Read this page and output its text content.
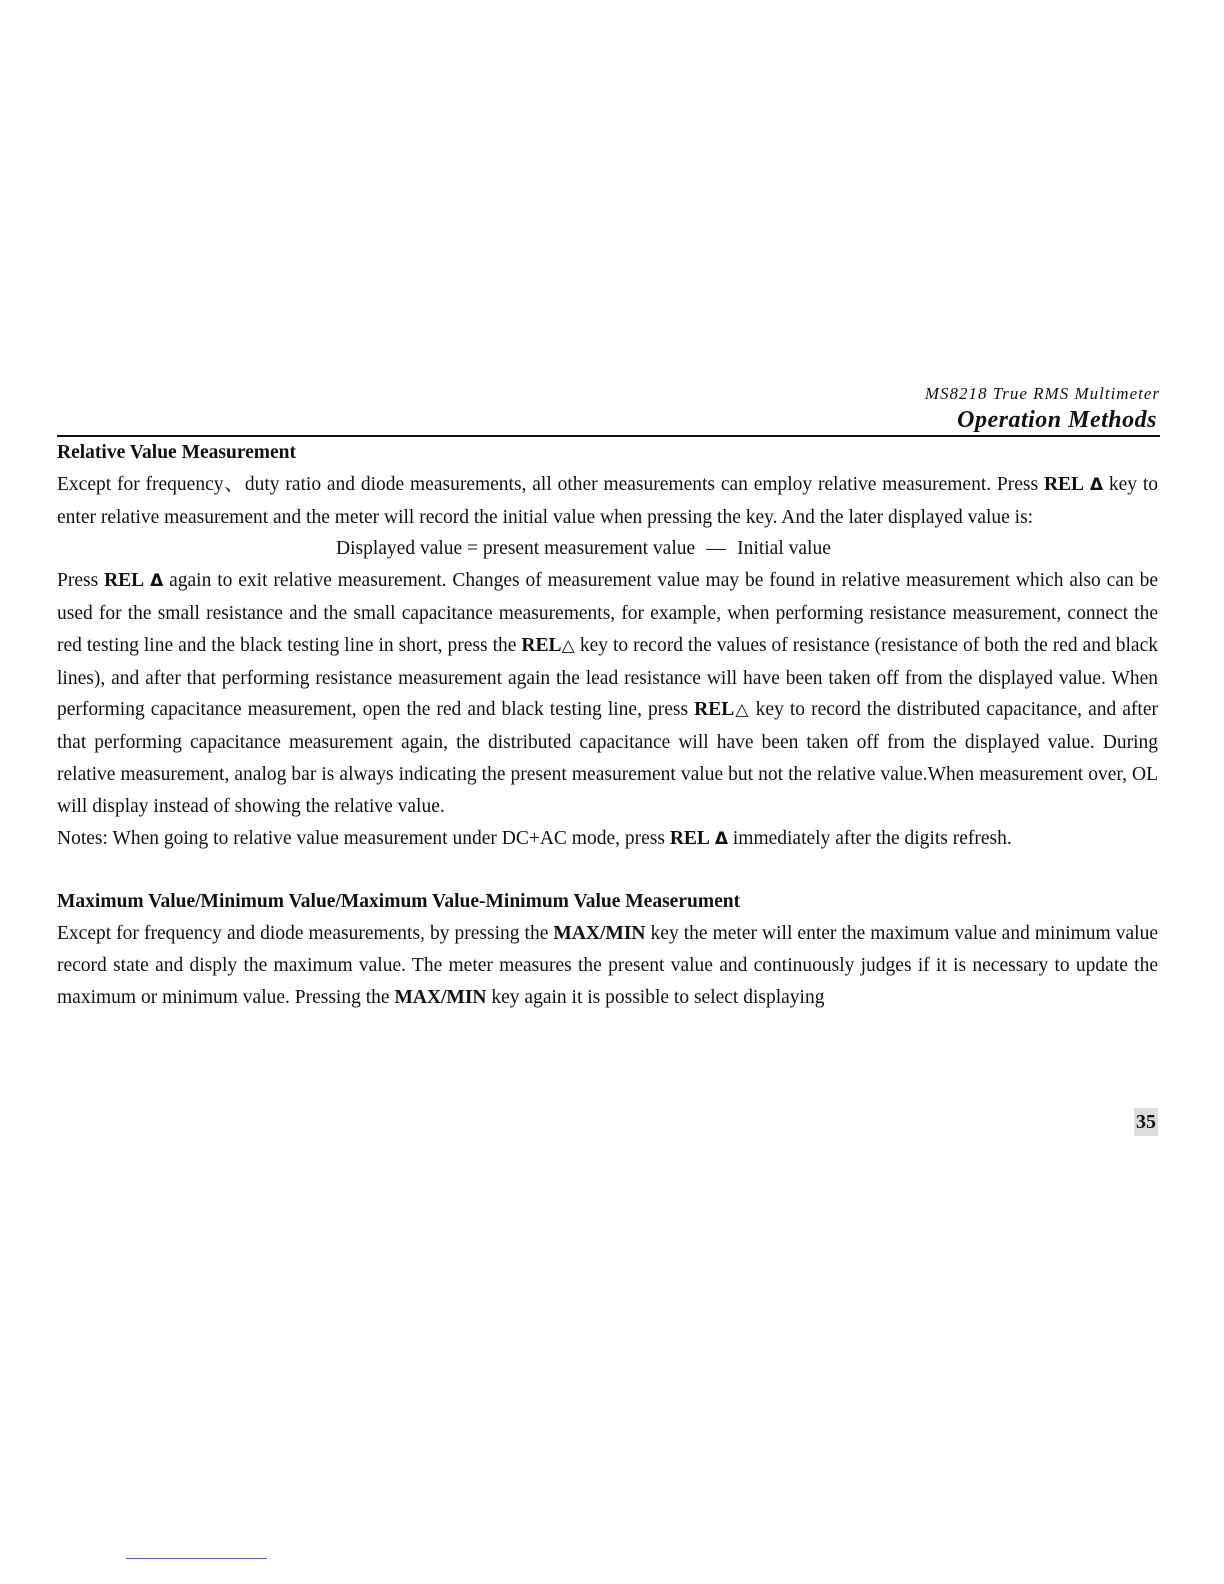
MS8218 True RMS Multimeter
Operation Methods
Relative Value Measurement

Except for frequency、duty ratio and diode measurements, all other measurements can employ relative measurement. Press REL Δ key to enter relative measurement and the meter will record the initial value when pressing the key. And the later displayed value is:

Displayed value = present measurement value — Initial value

Press REL Δ again to exit relative measurement. Changes of measurement value may be found in relative measurement which also can be used for the small resistance and the small capacitance measurements, for example, when performing resistance measurement, connect the red testing line and the black testing line in short, press the REL△ key to record the values of resistance (resistance of both the red and black lines), and after that performing resistance measurement again the lead resistance will have been taken off from the displayed value. When performing capacitance measurement, open the red and black testing line, press REL△ key to record the distributed capacitance, and after that performing capacitance measurement again, the distributed capacitance will have been taken off from the displayed value. During relative measurement, analog bar is always indicating the present measurement value but not the relative value.When measurement over, OL will display instead of showing the relative value.

Notes: When going to relative value measurement under DC+AC mode, press REL Δ immediately after the digits refresh.
Maximum Value/Minimum Value/Maximum Value-Minimum Value Measerument

Except for frequency and diode measurements, by pressing the MAX/MIN key the meter will enter the maximum value and minimum value record state and disply the maximum value. The meter measures the present value and continuously judges if it is necessary to update the maximum or minimum value. Pressing the MAX/MIN key again it is possible to select displaying

35
